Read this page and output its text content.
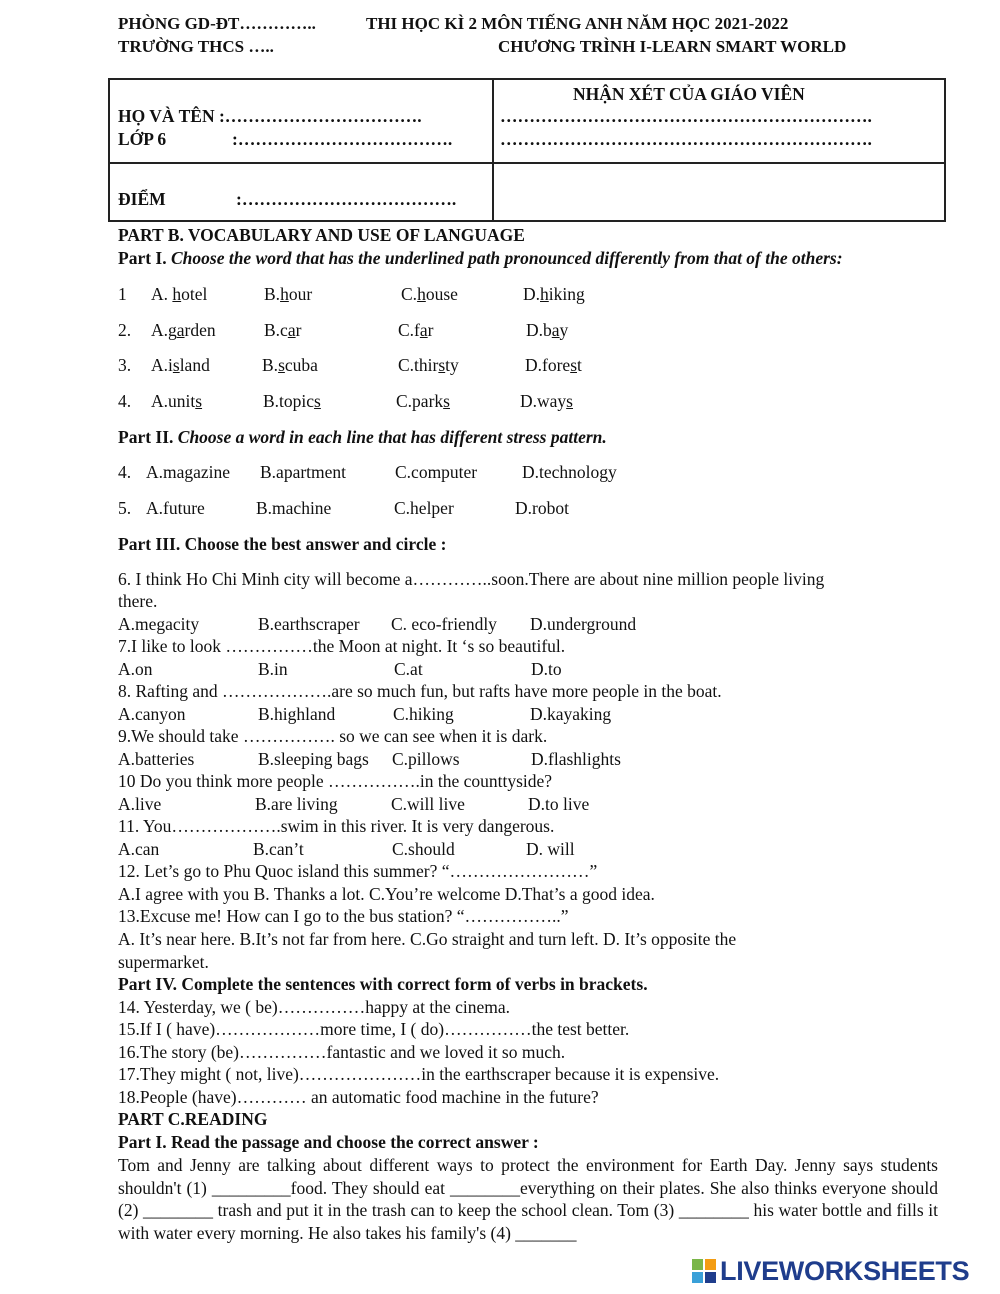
PHÒNG GD-ĐT…………..	THI HỌC KÌ 2 MÔN TIẾNG ANH NĂM HỌC 2021-2022
TRƯỜNG THCS …..	CHƯƠNG TRÌNH I-LEARN SMART WORLD
HỌ VÀ TÊN :…………………………….
LỚP 6	:……………………………….
ĐIỂM	:……………………………….
NHẬN XÉT CỦA GIÁO VIÊN
……………………………………………………….
……………………………………………………….
PART B. VOCABULARY AND USE OF LANGUAGE
Part I. Choose the word that has the underlined path pronounced differently from that of the others:
1 A. hotel	B.hour	C.house	D.hiking
2. A.garden	B.car	C.far	D.bay
3. A.island	B.scuba	C.thirsty	D.forest
4. A.units	B.topics	C.parks	D.ways
Part II. Choose a word in each line that has different stress pattern.
4. A.magazine B.apartment	C.computer	D.technology
5. A.future	B.machine	C.helper	D.robot
Part III. Choose the best answer and circle :
6. I think Ho Chi Minh city will become a…………..soon.There are about nine million people living
there.
A.megacity	B.earthscraper C. eco-friendly D.underground
7.I like to look ……………the Moon at night. It ‘s so beautiful.
A.on	B.in	C.at	D.to
8. Rafting and ……………….are so much fun, but rafts have more people in the boat.
A.canyon	B.highland	C.hiking	D.kayaking
9.We should take ……………. so we can see when it is dark.
A.batteries	B.sleeping bags C.pillows	D.flashlights
10 Do you think more people …………….in the counttyside?
A.live	B.are living	C.will live	D.to live
11. You……………….swim in this river. It is very dangerous.
A.can	B.can’t	C.should	D. will
12. Let’s go to Phu Quoc island this summer? “……………………”
A.I agree with you B. Thanks a lot. C.You’re welcome D.That’s a good idea.
13.Excuse me! How can I go to the bus station? “……………..”
A. It’s near here. B.It’s not far from here. C.Go straight and turn left. D. It’s opposite the
supermarket.
Part IV. Complete the sentences with correct form of verbs in brackets.
14. Yesterday, we ( be)……………happy at the cinema.
15.If I ( have)………………more time, I ( do)……………the test better.
16.The story (be)……………fantastic and we loved it so much.
17.They might ( not, live)…………………in the earthscraper because it is expensive.
18.People (have)………… an automatic food machine in the future?
PART C.READING
Part I. Read the passage and choose the correct answer :
Tom and Jenny are talking about different ways to protect the environment for Earth Day. Jenny says students shouldn't (1) _________food. They should eat ________everything on their plates. She also thinks everyone should (2) ________ trash and put it in the trash can to keep the school clean. Tom (3) ________ his water bottle and fills it with water every morning. He also takes his family's (4) _______
LIVEWORKSHEETS
